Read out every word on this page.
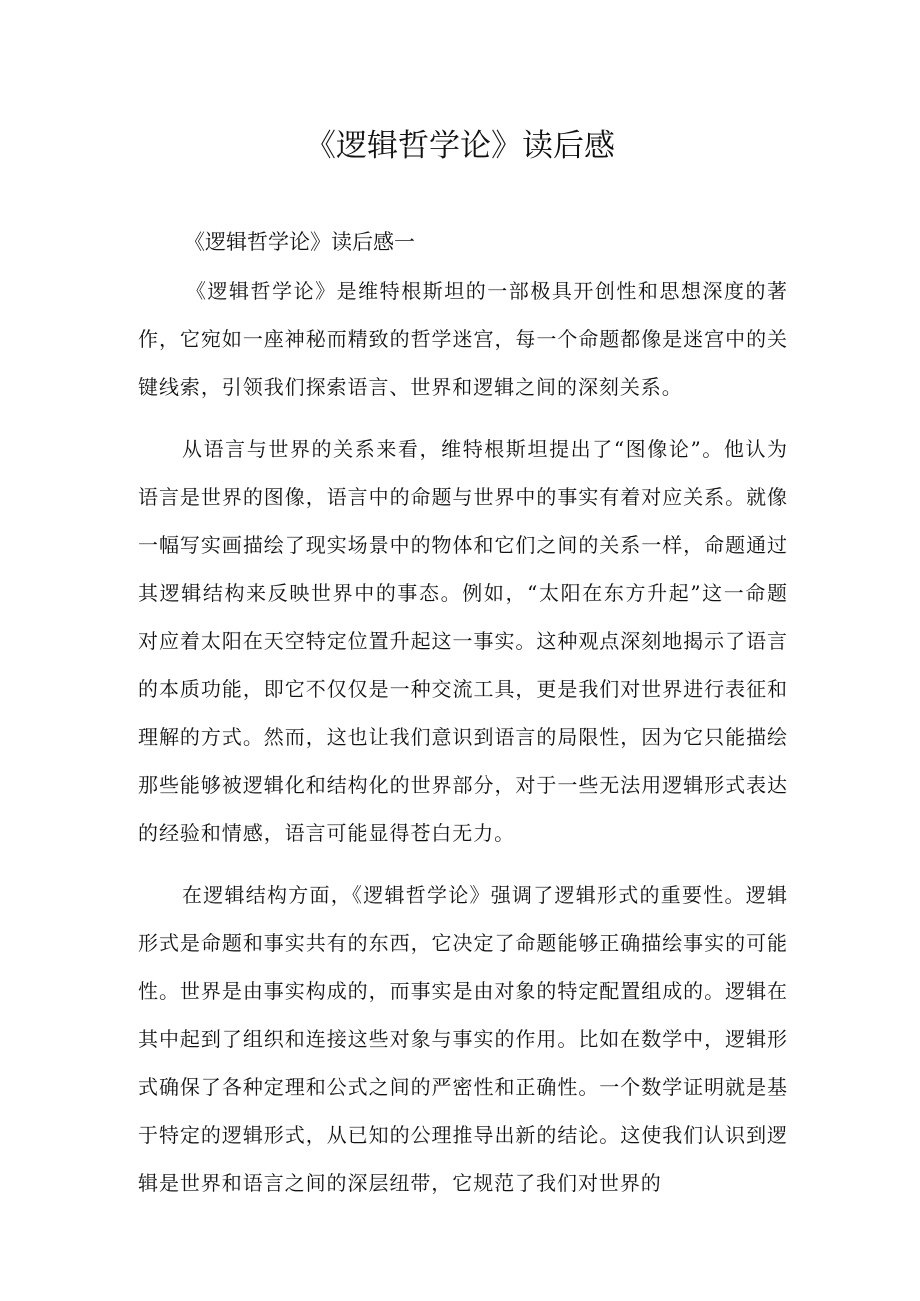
《逻辑哲学论》读后感

《逻辑哲学论》读后感一

《逻辑哲学论》是维特根斯坦的一部极具开创性和思想深度的著作，它宛如一座神秘而精致的哲学迷宫，每一个命题都像是迷宫中的关键线索，引领我们探索语言、世界和逻辑之间的深刻关系。

从语言与世界的关系来看，维特根斯坦提出了“图像论”。他认为语言是世界的图像，语言中的命题与世界中的事实有着对应关系。就像一幅写实画描绘了现实场景中的物体和它们之间的关系一样，命题通过其逻辑结构来反映世界中的事态。例如，“太阳在东方升起”这一命题对应着太阳在天空特定位置升起这一事实。这种观点深刻地揭示了语言的本质功能，即它不仅仅是一种交流工具，更是我们对世界进行表征和理解的方式。然而，这也让我们意识到语言的局限性，因为它只能描绘那些能够被逻辑化和结构化的世界部分，对于一些无法用逻辑形式表达的经验和情感，语言可能显得苍白无力。

在逻辑结构方面，《逻辑哲学论》强调了逻辑形式的重要性。逻辑形式是命题和事实共有的东西，它决定了命题能够正确描绘事实的可能性。世界是由事实构成的，而事实是由对象的特定配置组成的。逻辑在其中起到了组织和连接这些对象与事实的作用。比如在数学中，逻辑形式确保了各种定理和公式之间的严密性和正确性。一个数学证明就是基于特定的逻辑形式，从已知的公理推导出新的结论。这使我们认识到逻辑是世界和语言之间的深层纽带，它规范了我们对世界的
